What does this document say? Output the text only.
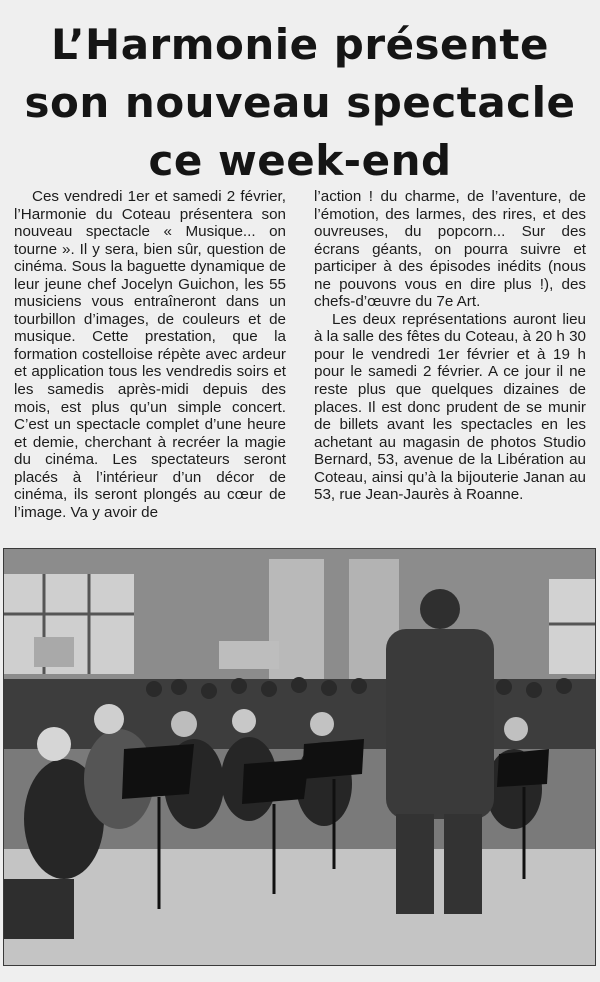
L’Harmonie présente
son nouveau spectacle
ce week-end

Ces vendredi 1er et samedi 2 février, l’Harmonie du Coteau présentera son nouveau spectacle « Musique... on tourne ». Il y sera, bien sûr, question de cinéma. Sous la baguette dynamique de leur jeune chef Jocelyn Guichon, les 55 musiciens vous entraîneront dans un tourbillon d’images, de couleurs et de musique. Cette prestation, que la formation costelloise répète avec ardeur et application tous les vendredis soirs et les samedis après-midi depuis des mois, est plus qu’un simple concert. C’est un spectacle complet d’une heure et demie, cherchant à recréer la magie du cinéma. Les spectateurs seront placés à l’intérieur d’un décor de cinéma, ils seront plongés au cœur de l’image. Va y avoir de

l’action ! du charme, de l’aventure, de l’émotion, des larmes, des rires, et des ouvreuses, du popcorn... Sur des écrans géants, on pourra suivre et participer à des épisodes inédits (nous ne pouvons vous en dire plus !), des chefs-d’œuvre du 7e Art.

Les deux représentations auront lieu à la salle des fêtes du Coteau, à 20 h 30 pour le vendredi 1er février et à 19 h pour le samedi 2 février. A ce jour il ne reste plus que quelques dizaines de places. Il est donc prudent de se munir de billets avant les spectacles en les achetant au magasin de photos Studio Bernard, 53, avenue de la Libération au Coteau, ainsi qu’à la bijouterie Janan au 53, rue Jean-Jaurès à Roanne.
